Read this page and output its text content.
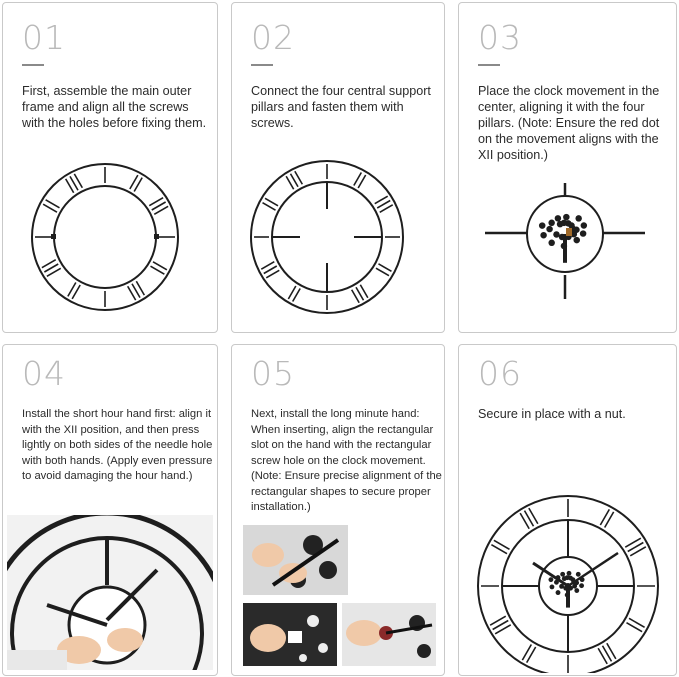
01
First, assemble the main outer frame and align all the screws with the holes before fixing them.
02
Connect the four central support pillars and fasten them with screws.
03
Place the clock movement in the center, aligning it with the four pillars. (Note: Ensure the red dot on the movement aligns with the XII position.)
04
Install the short hour hand first: align it with the XII position, and then press lightly on both sides of the needle hole with both hands. (Apply even pressure to avoid damaging the hour hand.)
05
Next, install the long minute hand: When inserting, align the rectangular slot on the hand with the rectangular screw hole on the clock movement.(Note: Ensure precise alignment of the rectangular shapes to secure proper installation.)
06
Secure in place with a nut.
